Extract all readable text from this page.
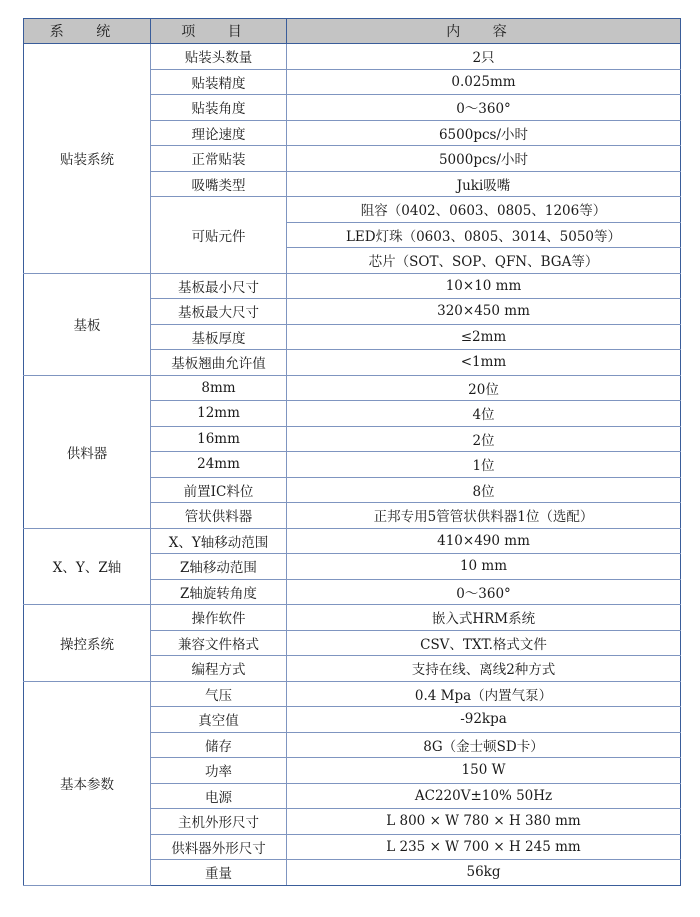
系 统	项 目	内 容
贴装系统	贴装头数量	2只
	贴装精度	0.025mm
	贴装角度	0～360°
	理论速度	6500pcs/小时
	正常贴装	5000pcs/小时
	吸嘴类型	Juki吸嘴
	可贴元件	阻容（0402、0603、0805、1206等）
		LED灯珠（0603、0805、3014、5050等）
		芯片（SOT、SOP、QFN、BGA等）
基板	基板最小尺寸	10×10 mm
	基板最大尺寸	320×450 mm
	基板厚度	≤2mm
	基板翘曲允许值	<1mm
供料器	8mm	20位
	12mm	4位
	16mm	2位
	24mm	1位
	前置IC料位	8位
	管状供料器	正邦专用5管管状供料器1位（选配）
X、Y、Z轴	X、Y轴移动范围	410×490 mm
	Z轴移动范围	10 mm
	Z轴旋转角度	0～360°
操控系统	操作软件	嵌入式HRM系统
	兼容文件格式	CSV、TXT.格式文件
	编程方式	支持在线、离线2种方式
基本参数	气压	0.4 Mpa（内置气泵）
	真空值	-92kpa
	储存	8G（金士顿SD卡）
	功率	150 W
	电源	AC220V±10% 50Hz
	主机外形尺寸	L 800 × W 780 × H 380 mm
	供料器外形尺寸	L 235 × W 700 × H 245 mm
	重量	56kg
